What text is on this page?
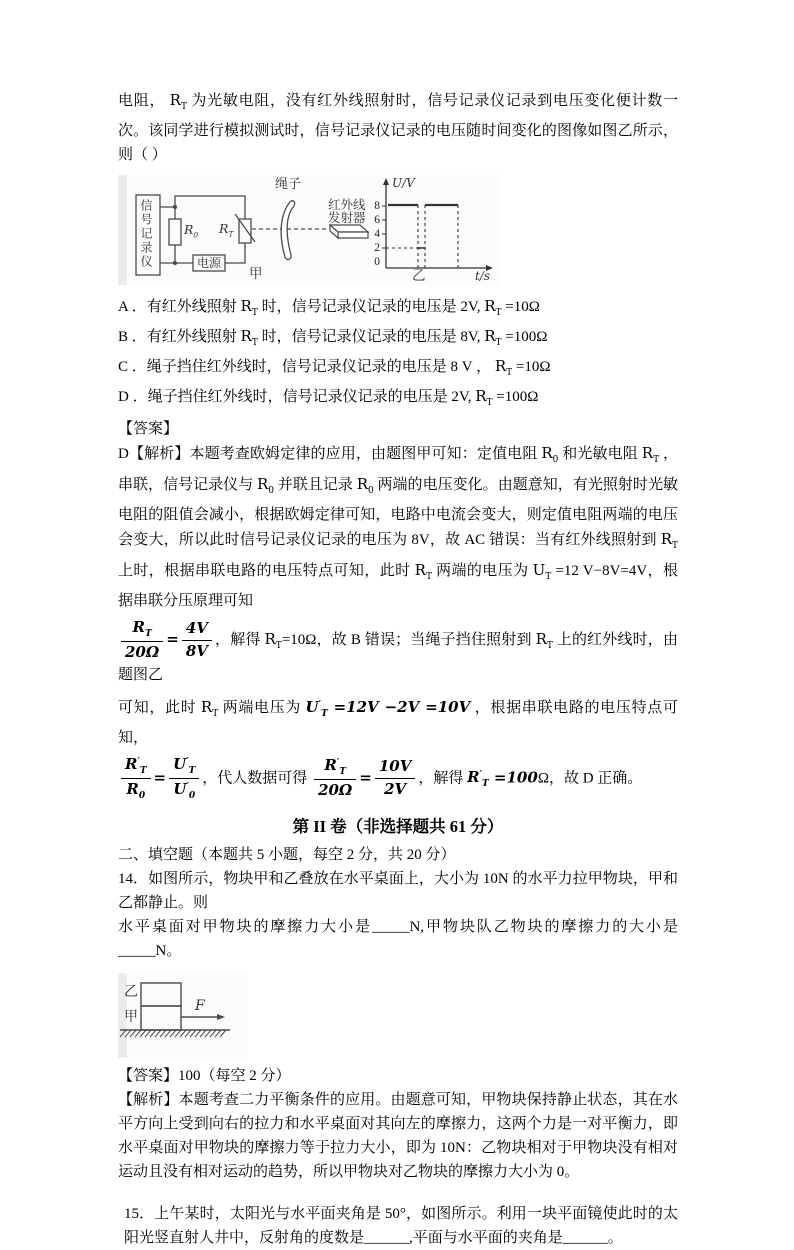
电阻， $R_T$ 为光敏电阻，没有红外线照射时，信号记录仪记录到电压变化便计数一次。该同学进行模拟测试时，信号记录仪记录的电压随时间变化的图像如图乙所示，则（ ）

信号记录仪 $R_0$ $R_T$
电源
甲
绳子
红外线
发射器
U/V
t/s
8
6
4
2
0
乙

A ．有红外线照射 $R_T$ 时，信号记录仪记录的电压是 2V, $R_T =10\Omega$

B ．有红外线照射 $R_T$ 时，信号记录仪记录的电压是 8V, $R_T =100\Omega$

C ．绳子挡住红外线时，信号记录仪记录的电压是 8 V ， $R_T =10\Omega$

D ．绳子挡住红外线时，信号记录仪记录的电压是 2V, $R_T =100\Omega$

【答案】

D【解析】本题考查欧姆定律的应用，由题图甲可知：定值电阻 $R_0$ 和光敏电阻 $R_T$ ，串联，信号记录仪与 $R_0$ 并联且记录 $R_0$ 两端的电压变化。由题意知，有光照射时光敏电阻的阻值会减小，根据欧姆定律可知，电路中电流会变大，则定值电阻两端的电压会变大，所以此时信号记录仪记录的电压为 8V，故 AC 错误：当有红外线照射到 $R_T$ 上时，根据串联电路的电压特点可知，此时 $R_T$ 两端的电压为 $U_T =12$ V−8V=4V，根据串联分压原理可知

$\frac{R_T}{20\Omega} = \frac{4V}{8V}$ ，解得 $R_T=10\Omega$，故 B 错误；当绳子挡住照射到 $R_T$ 上的红外线时，由题图乙

可知，此时 $R_T$ 两端电压为 $U'_T =12V -2V =10V$ ，根据串联电路的电压特点可知，

$\frac{R'_T}{R_0} = \frac{U'_T}{U'_0}$ ，代人数据可得 $\frac{R'_T}{20\Omega} = \frac{10V}{2V}$ ，解得 $R'_T =100\Omega$，故 D 正确。

第 II 卷（非选择题共 61 分）

二、填空题（本题共 5 小题，每空 2 分，共 20 分）

14．如图所示，物块甲和乙叠放在水平桌面上，大小为 10N 的水平力拉甲物块，甲和乙都静止。则

水平桌面对甲物块的摩擦力大小是_____N,甲物块队乙物块的摩擦力的大小是_____N。

乙
甲
F

【答案】100（每空 2 分）

【解析】本题考查二力平衡条件的应用。由题意可知，甲物块保持静止状态，其在水平方向上受到向右的拉力和水平桌面对其向左的摩擦力，这两个力是一对平衡力，即水平桌面对甲物块的摩擦力等于拉力大小，即为 10N：乙物块相对于甲物块没有相对运动且没有相对运动的趋势，所以甲物块对乙物块的摩擦力大小为 0。

15．上午某时，太阳光与水平面夹角是 50°，如图所示。利用一块平面镜使此时的太阳光竖直射人井中，反射角的度数是______,平面与水平面的夹角是______。
